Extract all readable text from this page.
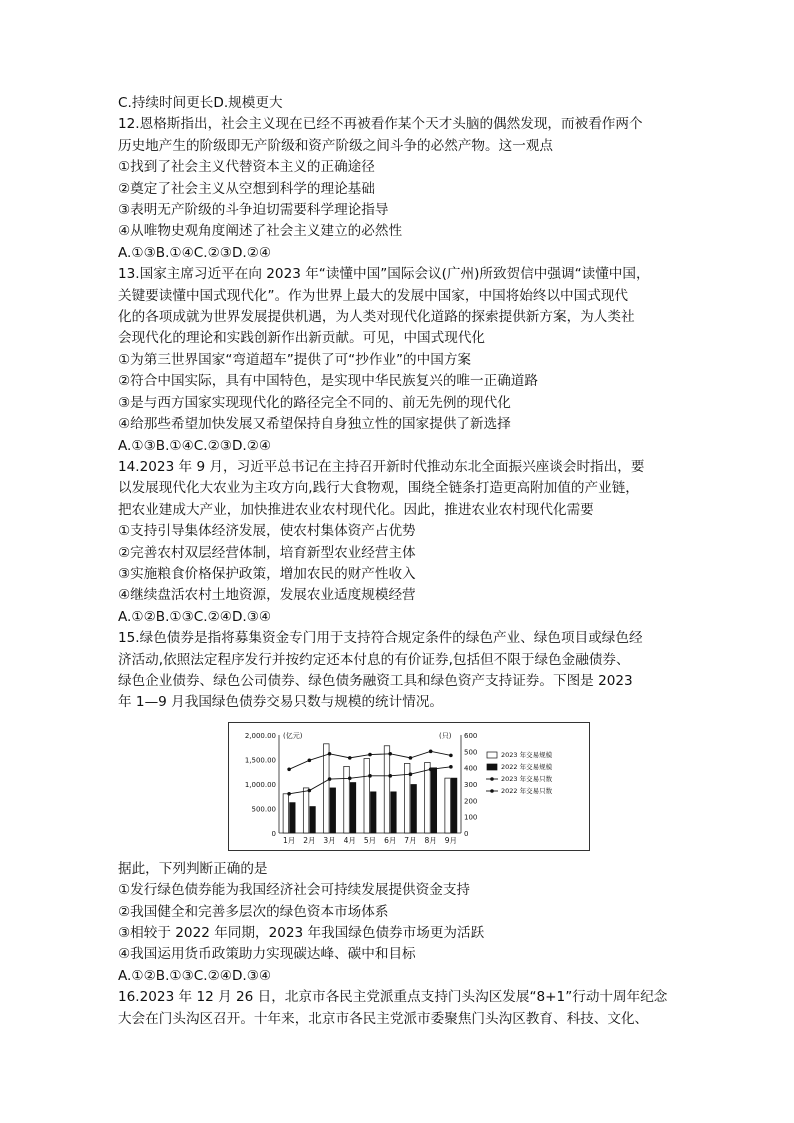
C.持续时间更长D.规模更大
12.恩格斯指出，社会主义现在已经不再被看作某个天才头脑的偶然发现，而被看作两个
历史地产生的阶级即无产阶级和资产阶级之间斗争的必然产物。这一观点
①找到了社会主义代替资本主义的正确途径
②奠定了社会主义从空想到科学的理论基础
③表明无产阶级的斗争迫切需要科学理论指导
④从唯物史观角度阐述了社会主义建立的必然性
A.①③B.①④C.②③D.②④
13.国家主席习近平在向 2023 年“读懂中国”国际会议(广州)所致贺信中强调“读懂中国，
关键要读懂中国式现代化”。作为世界上最大的发展中国家，中国将始终以中国式现代
化的各项成就为世界发展提供机遇，为人类对现代化道路的探索提供新方案，为人类社
会现代化的理论和实践创新作出新贡献。可见，中国式现代化
①为第三世界国家“弯道超车”提供了可“抄作业”的中国方案
②符合中国实际，具有中国特色，是实现中华民族复兴的唯一正确道路
③是与西方国家实现现代化的路径完全不同的、前无先例的现代化
④给那些希望加快发展又希望保持自身独立性的国家提供了新选择
A.①③B.①④C.②③D.②④
14.2023 年 9 月，习近平总书记在主持召开新时代推动东北全面振兴座谈会时指出，要
以发展现代化大农业为主攻方向,践行大食物观，围绕全链条打造更高附加值的产业链，
把农业建成大产业，加快推进农业农村现代化。因此，推进农业农村现代化需要
①支持引导集体经济发展，使农村集体资产占优势
②完善农村双层经营体制，培育新型农业经营主体
③实施粮食价格保护政策，增加农民的财产性收入
④继续盘活农村土地资源，发展农业适度规模经营
A.①②B.①③C.②④D.③④
15.绿色债券是指将募集资金专门用于支持符合规定条件的绿色产业、绿色项目或绿色经
济活动,依照法定程序发行并按约定还本付息的有价证券,包括但不限于绿色金融债券、
绿色企业债券、绿色公司债券、绿色债务融资工具和绿色资产支持证券。下图是 2023
年 1—9 月我国绿色债券交易只数与规模的统计情况。
2,000.00
1,500.00
1,000.00
500.00
0
600
500
400
300
200
100
0
(亿元)	(只)
1月 2月 3月 4月 5月 6月 7月 8月 9月
2023 年交易规模
2022 年交易规模
2023 年交易只数
2022 年交易只数
据此，下列判断正确的是
①发行绿色债券能为我国经济社会可持续发展提供资金支持
②我国健全和完善多层次的绿色资本市场体系
③相较于 2022 年同期，2023 年我国绿色债券市场更为活跃
④我国运用货币政策助力实现碳达峰、碳中和目标
A.①②B.①③C.②④D.③④
16.2023 年 12 月 26 日，北京市各民主党派重点支持门头沟区发展“8+1”行动十周年纪念
大会在门头沟区召开。十年来，北京市各民主党派市委聚焦门头沟区教育、科技、文化、
